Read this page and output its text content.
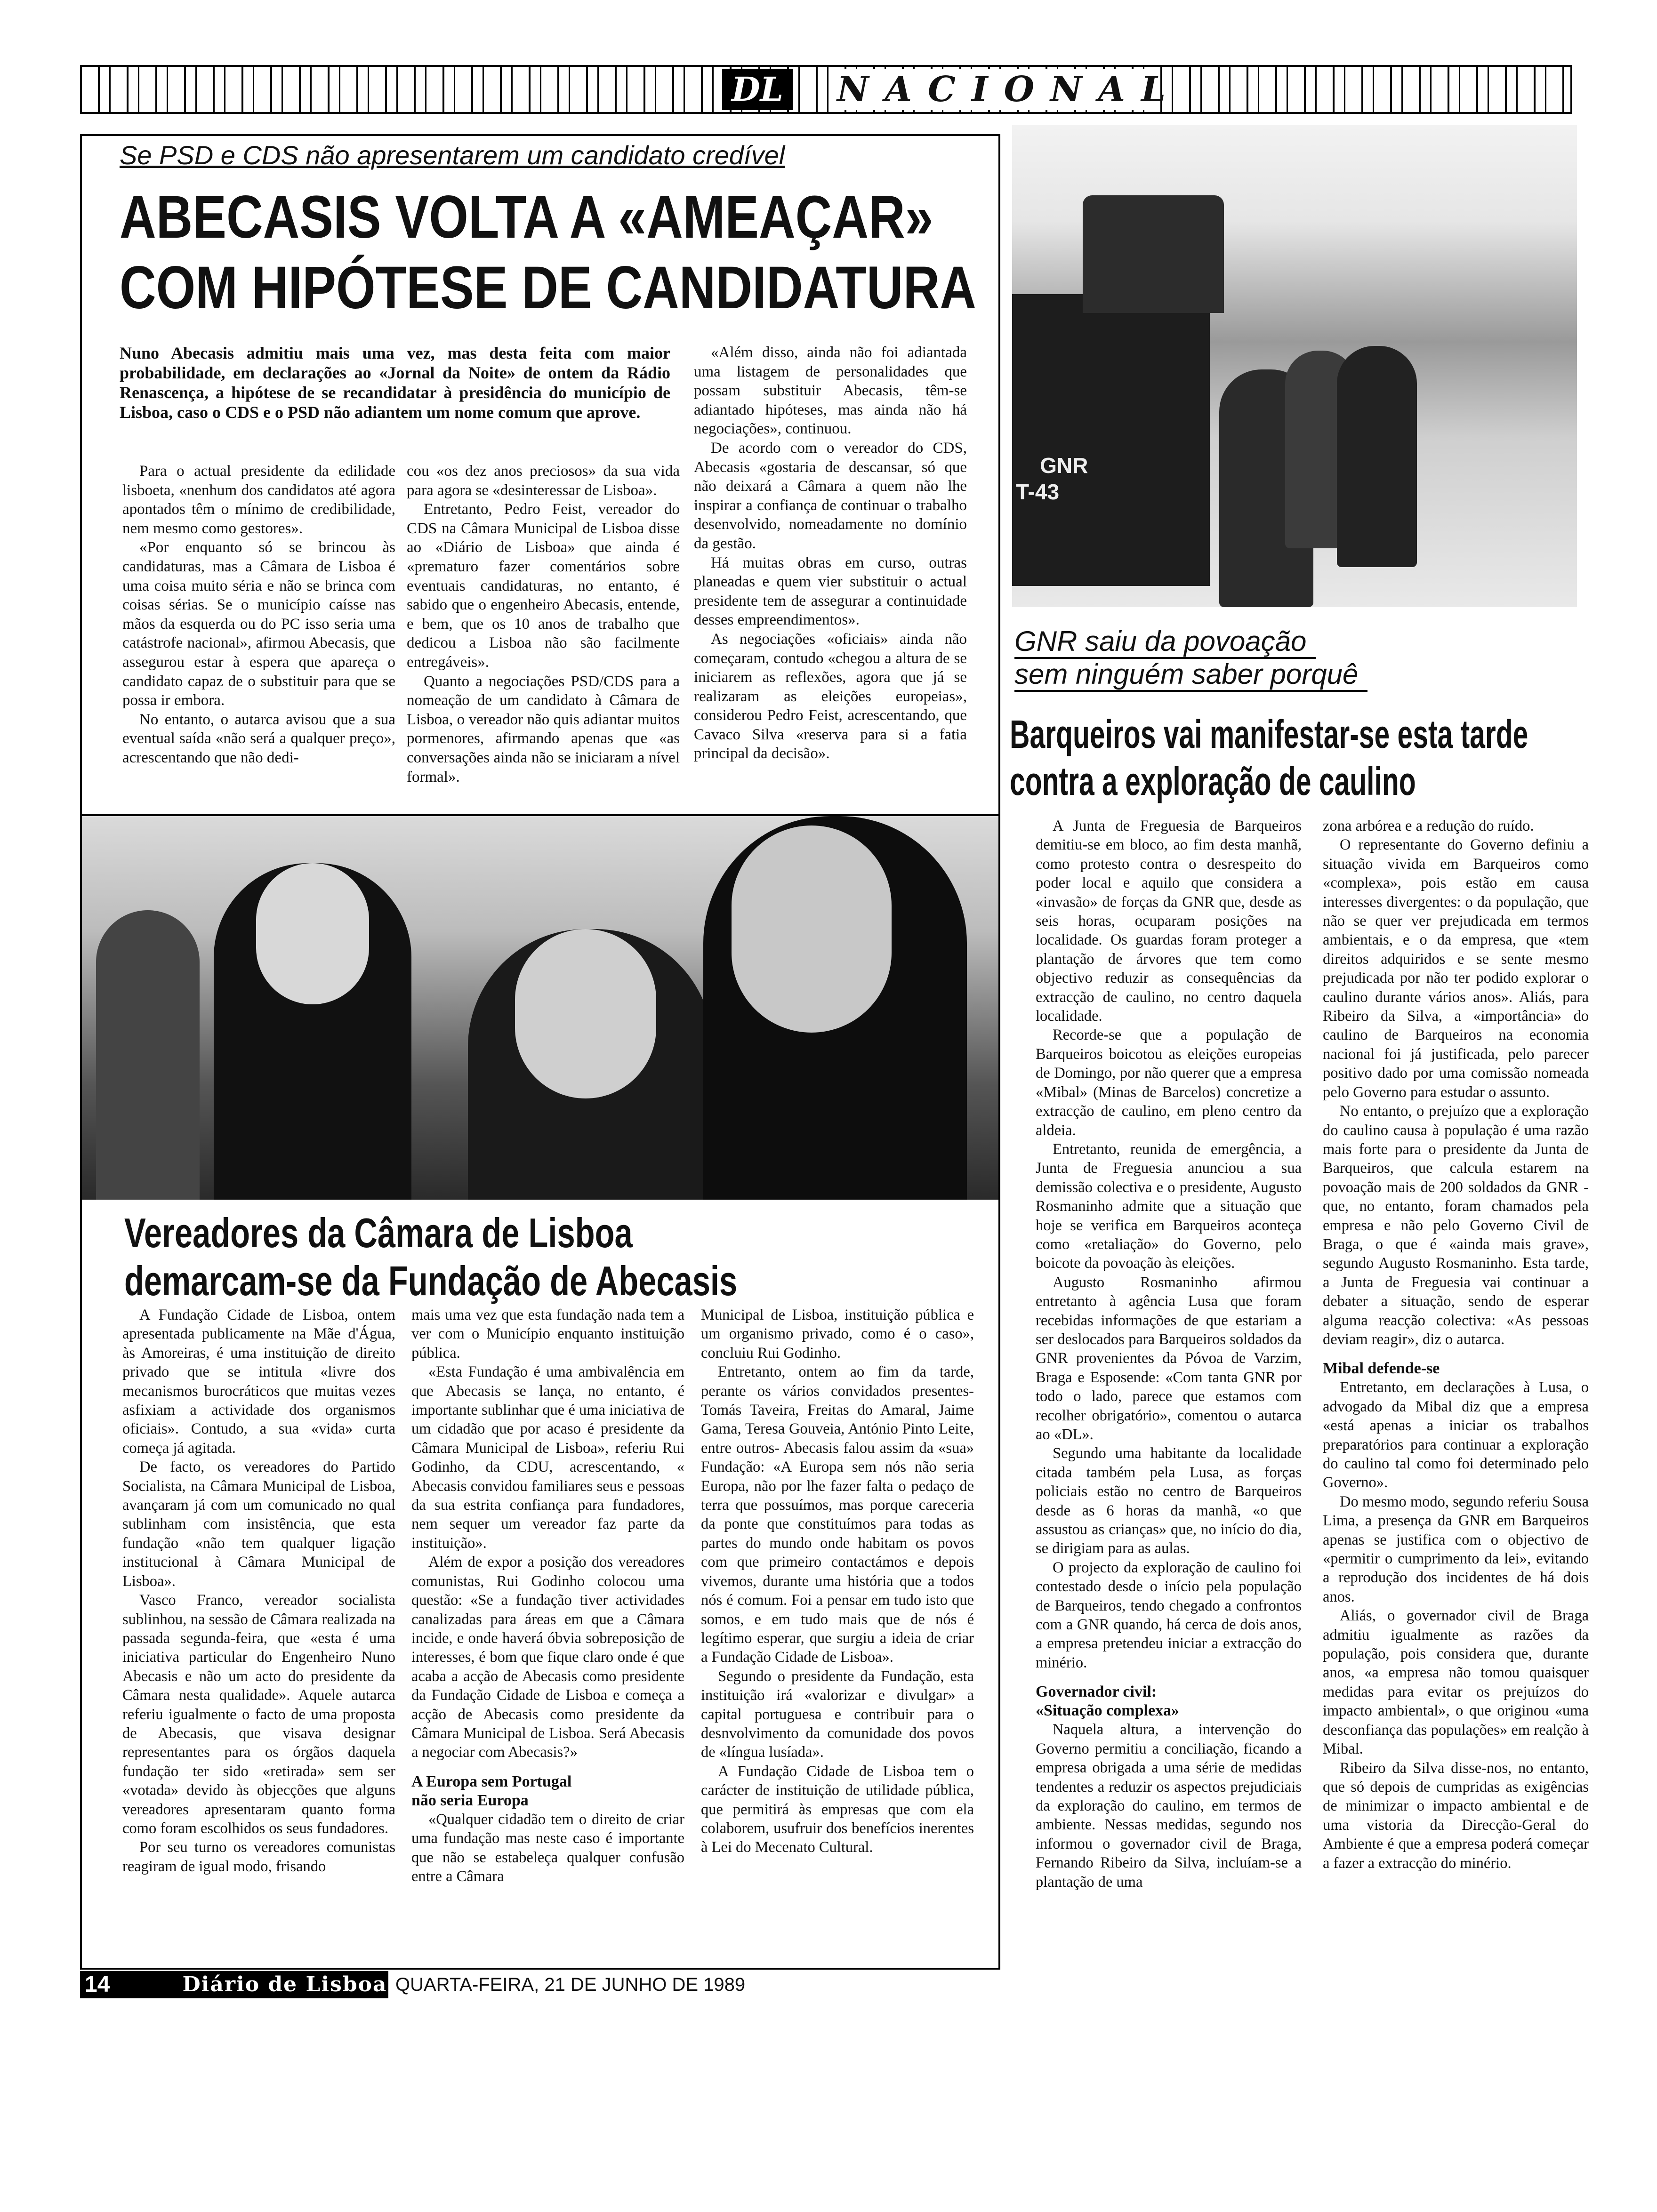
DL NACIONAL
Se PSD e CDS não apresentarem um candidato credível
ABECASIS VOLTA A «AMEAÇAR»
COM HIPÓTESE DE CANDIDATURA
Nuno Abecasis admitiu mais uma vez, mas desta feita com maior probabilidade, em declarações ao «Jornal da Noite» de ontem da Rádio Renascença, a hipótese de se recandidatar à presidência do município de Lisboa, caso o CDS e o PSD não adiantem um nome comum que aprove.

Para o actual presidente da edilidade lisboeta, «nenhum dos candidatos até agora apontados têm o mínimo de credibilidade, nem mesmo como gestores».

«Por enquanto só se brincou às candidaturas, mas a Câmara de Lisboa é uma coisa muito séria e não se brinca com coisas sérias. Se o município caísse nas mãos da esquerda ou do PC isso seria uma catástrofe nacional», afirmou Abecasis, que assegurou estar à espera que apareça o candidato capaz de o substituir para que se possa ir embora.

No entanto, o autarca avisou que a sua eventual saída «não será a qualquer preço», acrescentando que não dedi-

cou «os dez anos preciosos» da sua vida para agora se «desinteressar de Lisboa».

Entretanto, Pedro Feist, vereador do CDS na Câmara Municipal de Lisboa disse ao «Diário de Lisboa» que ainda é «prematuro fazer comentários sobre eventuais candidaturas, no entanto, é sabido que o engenheiro Abecasis, entende, e bem, que os 10 anos de trabalho que dedicou a Lisboa não são facilmente entregáveis».

Quanto a negociações PSD/CDS para a nomeação de um candidato à Câmara de Lisboa, o vereador não quis adiantar muitos pormenores, afirmando apenas que «as conversações ainda não se iniciaram a nível formal».

«Além disso, ainda não foi adiantada uma listagem de personalidades que possam substituir Abecasis, têm-se adiantado hipóteses, mas ainda não há negociações», continuou.

De acordo com o vereador do CDS, Abecasis «gostaria de descansar, só que não deixará a Câmara a quem não lhe inspirar a confiança de continuar o trabalho desenvolvido, nomeadamente no domínio da gestão.

Há muitas obras em curso, outras planeadas e quem vier substituir o actual presidente tem de assegurar a continuidade desses empreendimentos».

As negociações «oficiais» ainda não começaram, contudo «chegou a altura de se iniciarem as reflexões, agora que já se realizaram as eleições europeias», considerou Pedro Feist, acrescentando, que Cavaco Silva «reserva para si a fatia principal da decisão».

GNR
T-43

GNR saiu da povoação sem ninguém saber porquê
Barqueiros vai manifestar-se esta tarde
contra a exploração de caulino
Vereadores da Câmara de Lisboa
demarcam-se da Fundação de Abecasis

A Fundação Cidade de Lisboa, ontem apresentada publicamente na Mãe d'Água, às Amoreiras, é uma instituição de direito privado que se intitula «livre dos mecanismos burocráticos que muitas vezes asfixiam a actividade dos organismos oficiais». Contudo, a sua «vida» curta começa já agitada.

De facto, os vereadores do Partido Socialista, na Câmara Municipal de Lisboa, avançaram já com um comunicado no qual sublinham com insistência, que esta fundação «não tem qualquer ligação institucional à Câmara Municipal de Lisboa».

Vasco Franco, vereador socialista sublinhou, na sessão de Câmara realizada na passada segunda-feira, que «esta é uma iniciativa particular do Engenheiro Nuno Abecasis e não um acto do presidente da Câmara nesta qualidade». Aquele autarca referiu igualmente o facto de uma proposta de Abecasis, que visava designar representantes para os órgãos daquela fundação ter sido «retirada» sem ser «votada» devido às objecções que alguns vereadores apresentaram quanto forma como foram escolhidos os seus fundadores.

Por seu turno os vereadores comunistas reagiram de igual modo, frisando

mais uma vez que esta fundação nada tem a ver com o Município enquanto instituição pública.

«Esta Fundação é uma ambivalência em que Abecasis se lança, no entanto, é importante sublinhar que é uma iniciativa de um cidadão que por acaso é presidente da Câmara Municipal de Lisboa», referiu Rui Godinho, da CDU, acrescentando, « Abecasis convidou familiares seus e pessoas da sua estrita confiança para fundadores, nem sequer um vereador faz parte da instituição».

Além de expor a posição dos vereadores comunistas, Rui Godinho colocou uma questão: «Se a fundação tiver actividades canalizadas para áreas em que a Câmara incide, e onde haverá óbvia sobreposição de interesses, é bom que fique claro onde é que acaba a acção de Abecasis como presidente da Fundação Cidade de Lisboa e começa a acção de Abecasis como presidente da Câmara Municipal de Lisboa. Será Abecasis a negociar com Abecasis?»

A Europa sem Portugal
não seria Europa

«Qualquer cidadão tem o direito de criar uma fundação mas neste caso é importante que não se estabeleça qualquer confusão entre a Câmara

Municipal de Lisboa, instituição pública e um organismo privado, como é o caso», concluiu Rui Godinho.

Entretanto, ontem ao fim da tarde, perante os vários convidados presentes- Tomás Taveira, Freitas do Amaral, Jaime Gama, Teresa Gouveia, António Pinto Leite, entre outros- Abecasis falou assim da «sua» Fundação: «A Europa sem nós não seria Europa, não por lhe fazer falta o pedaço de terra que possuímos, mas porque careceria da ponte que constituímos para todas as partes do mundo onde habitam os povos com que primeiro contactámos e depois vivemos, durante uma história que a todos nós é comum. Foi a pensar em tudo isto que somos, e em tudo mais que de nós é legítimo esperar, que surgiu a ideia de criar a Fundação Cidade de Lisboa».

Segundo o presidente da Fundação, esta instituição irá «valorizar e divulgar» a capital portuguesa e contribuir para o desnvolvimento da comunidade dos povos de «língua lusíada».

A Fundação Cidade de Lisboa tem o carácter de instituição de utilidade pública, que permitirá às empresas que com ela colaborem, usufruir dos benefícios inerentes à Lei do Mecenato Cultural.

A Junta de Freguesia de Barqueiros demitiu-se em bloco, ao fim desta manhã, como protesto contra o desrespeito do poder local e aquilo que considera a «invasão» de forças da GNR que, desde as seis horas, ocuparam posições na localidade. Os guardas foram proteger a plantação de árvores que tem como objectivo reduzir as consequências da extracção de caulino, no centro daquela localidade.

Recorde-se que a população de Barqueiros boicotou as eleições europeias de Domingo, por não querer que a empresa «Mibal» (Minas de Barcelos) concretize a extracção de caulino, em pleno centro da aldeia.

Entretanto, reunida de emergência, a Junta de Freguesia anunciou a sua demissão colectiva e o presidente, Augusto Rosmaninho admite que a situação que hoje se verifica em Barqueiros aconteça como «retaliação» do Governo, pelo boicote da povoação às eleições.

Augusto Rosmaninho afirmou entretanto à agência Lusa que foram recebidas informações de que estariam a ser deslocados para Barqueiros soldados da GNR provenientes da Póvoa de Varzim, Braga e Esposende: «Com tanta GNR por todo o lado, parece que estamos com recolher obrigatório», comentou o autarca ao «DL».

Segundo uma habitante da localidade citada também pela Lusa, as forças policiais estão no centro de Barqueiros desde as 6 horas da manhã, «o que assustou as crianças» que, no início do dia, se dirigiam para as aulas.

O projecto da exploração de caulino foi contestado desde o início pela população de Barqueiros, tendo chegado a confrontos com a GNR quando, há cerca de dois anos, a empresa pretendeu iniciar a extracção do minério.

Governador civil:
«Situação complexa»

Naquela altura, a intervenção do Governo permitiu a conciliação, ficando a empresa obrigada a uma série de medidas tendentes a reduzir os aspectos prejudiciais da exploração do caulino, em termos de ambiente. Nessas medidas, segundo nos informou o governador civil de Braga, Fernando Ribeiro da Silva, incluíam-se a plantação de uma

zona arbórea e a redução do ruído.

O representante do Governo definiu a situação vivida em Barqueiros como «complexa», pois estão em causa interesses divergentes: o da população, que não se quer ver prejudicada em termos ambientais, e o da empresa, que «tem direitos adquiridos e se sente mesmo prejudicada por não ter podido explorar o caulino durante vários anos». Aliás, para Ribeiro da Silva, a «importância» do caulino de Barqueiros na economia nacional foi já justificada, pelo parecer positivo dado por uma comissão nomeada pelo Governo para estudar o assunto.

No entanto, o prejuízo que a exploração do caulino causa à população é uma razão mais forte para o presidente da Junta de Barqueiros, que calcula estarem na povoação mais de 200 soldados da GNR - que, no entanto, foram chamados pela empresa e não pelo Governo Civil de Braga, o que é «ainda mais grave», segundo Augusto Rosmaninho. Esta tarde, a Junta de Freguesia vai continuar a debater a situação, sendo de esperar alguma reacção colectiva: «As pessoas deviam reagir», diz o autarca.

Mibal defende-se

Entretanto, em declarações à Lusa, o advogado da Mibal diz que a empresa «está apenas a iniciar os trabalhos preparatórios para continuar a exploração do caulino tal como foi determinado pelo Governo».

Do mesmo modo, segundo referiu Sousa Lima, a presença da GNR em Barqueiros apenas se justifica com o objectivo de «permitir o cumprimento da lei», evitando a reprodução dos incidentes de há dois anos.

Aliás, o governador civil de Braga admitiu igualmente as razões da população, pois considera que, durante anos, «a empresa não tomou quaisquer medidas para evitar os prejuízos do impacto ambiental», o que originou «uma desconfiança das populações» em realção à Mibal.

Ribeiro da Silva disse-nos, no entanto, que só depois de cumpridas as exigências de minimizar o impacto ambiental e de uma vistoria da Direcção-Geral do Ambiente é que a empresa poderá começar a fazer a extracção do minério.

14	Diário de Lisboa QUARTA-FEIRA, 21 DE JUNHO DE 1989
